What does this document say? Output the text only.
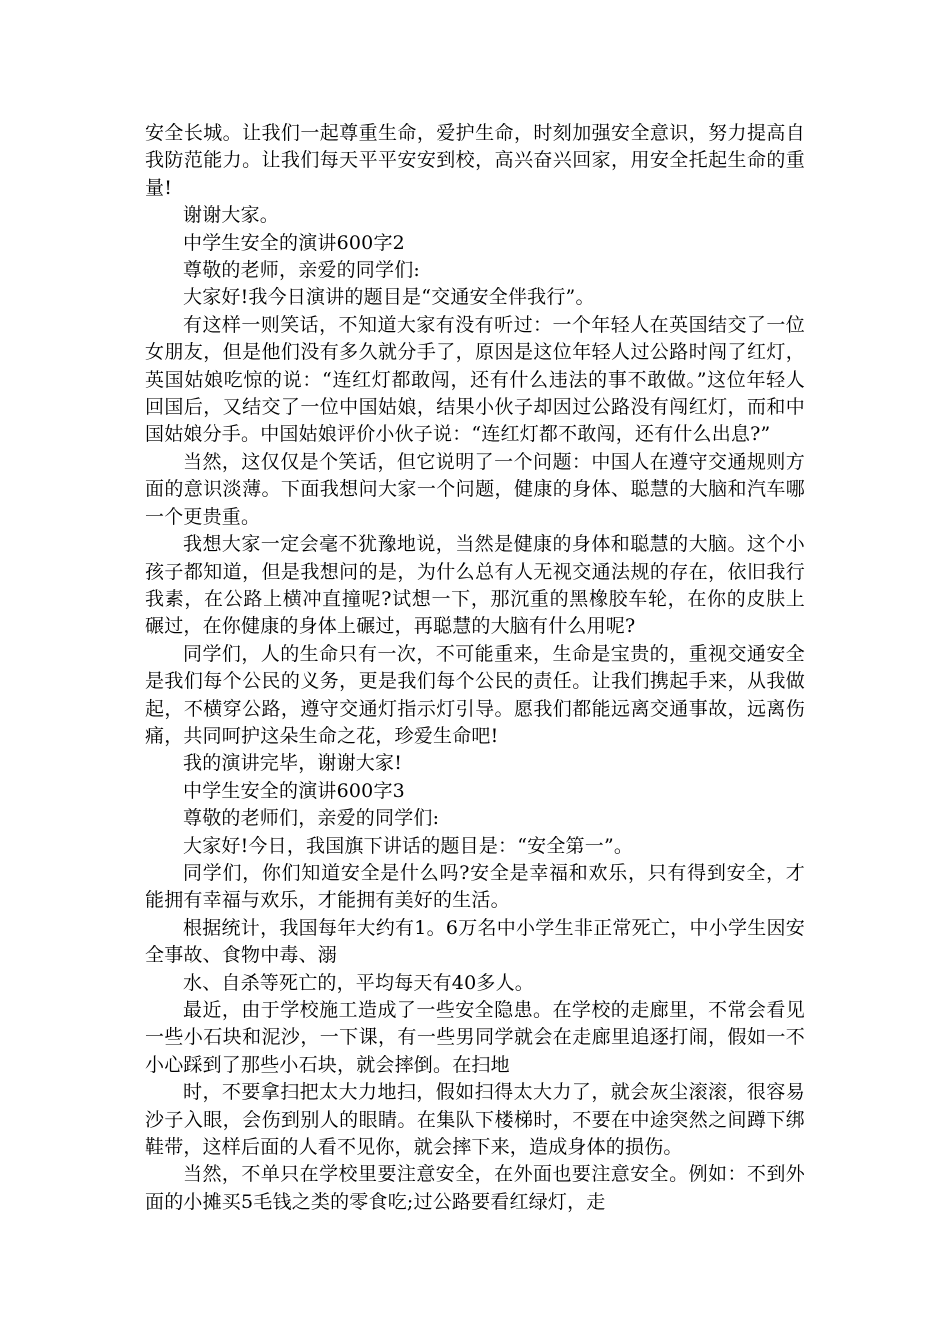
安全长城。让我们一起尊重生命，爱护生命，时刻加强安全意识，努力提高自我防范能力。让我们每天平平安安到校，高兴奋兴回家，用安全托起生命的重量!

谢谢大家。

中学生安全的演讲600字2

尊敬的老师，亲爱的同学们:

大家好!我今日演讲的题目是“交通安全伴我行”。

有这样一则笑话，不知道大家有没有听过：一个年轻人在英国结交了一位女朋友，但是他们没有多久就分手了，原因是这位年轻人过公路时闯了红灯，英国姑娘吃惊的说：“连红灯都敢闯，还有什么违法的事不敢做。”这位年轻人回国后，又结交了一位中国姑娘，结果小伙子却因过公路没有闯红灯，而和中国姑娘分手。中国姑娘评价小伙子说：“连红灯都不敢闯，还有什么出息?”

当然，这仅仅是个笑话，但它说明了一个问题：中国人在遵守交通规则方面的意识淡薄。下面我想问大家一个问题，健康的身体、聪慧的大脑和汽车哪一个更贵重。

我想大家一定会毫不犹豫地说，当然是健康的身体和聪慧的大脑。这个小孩子都知道，但是我想问的是，为什么总有人无视交通法规的存在，依旧我行我素，在公路上横冲直撞呢?试想一下，那沉重的黑橡胶车轮，在你的皮肤上碾过，在你健康的身体上碾过，再聪慧的大脑有什么用呢?

同学们，人的生命只有一次，不可能重来，生命是宝贵的，重视交通安全是我们每个公民的义务，更是我们每个公民的责任。让我们携起手来，从我做起，不横穿公路，遵守交通灯指示灯引导。愿我们都能远离交通事故，远离伤痛，共同呵护这朵生命之花，珍爱生命吧!

我的演讲完毕，谢谢大家!

中学生安全的演讲600字3

尊敬的老师们，亲爱的同学们:

大家好!今日，我国旗下讲话的题目是：“安全第一”。

同学们，你们知道安全是什么吗?安全是幸福和欢乐，只有得到安全，才能拥有幸福与欢乐，才能拥有美好的生活。

根据统计，我国每年大约有1。6万名中小学生非正常死亡，中小学生因安全事故、食物中毒、溺

水、自杀等死亡的，平均每天有40多人。

最近，由于学校施工造成了一些安全隐患。在学校的走廊里，不常会看见一些小石块和泥沙，一下课，有一些男同学就会在走廊里追逐打闹，假如一不小心踩到了那些小石块，就会摔倒。在扫地

时，不要拿扫把太大力地扫，假如扫得太大力了，就会灰尘滚滚，很容易沙子入眼，会伤到别人的眼睛。在集队下楼梯时，不要在中途突然之间蹲下绑鞋带，这样后面的人看不见你，就会摔下来，造成身体的损伤。

当然，不单只在学校里要注意安全，在外面也要注意安全。例如：不到外面的小摊买5毛钱之类的零食吃;过公路要看红绿灯，走
